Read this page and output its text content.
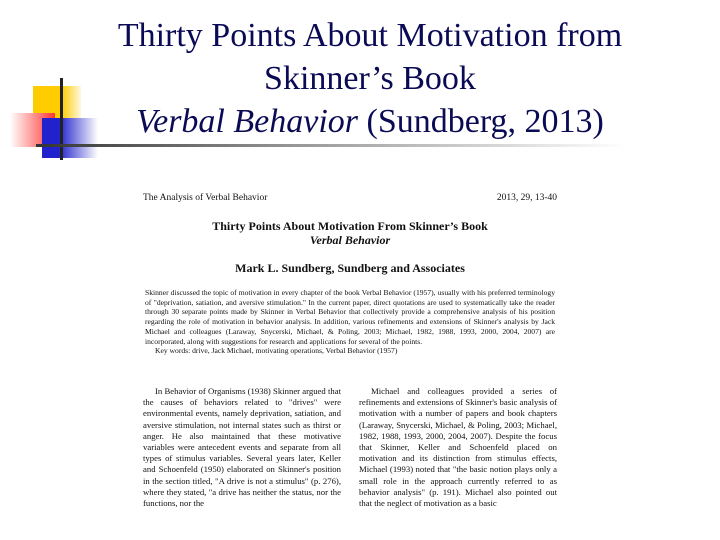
Thirty Points About Motivation from
Skinner’s Book
Verbal Behavior (Sundberg, 2013)
The Analysis of Verbal Behavior	2013, 29, 13-40
Thirty Points About Motivation From Skinner’s Book
Verbal Behavior
Mark L. Sundberg, Sundberg and Associates
Skinner discussed the topic of motivation in every chapter of the book Verbal Behavior (1957), usually with his preferred terminology of "deprivation, satiation, and aversive stimulation." In the current paper, direct quotations are used to systematically take the reader through 30 separate points made by Skinner in Verbal Behavior that collectively provide a comprehensive analysis of his position regarding the role of motivation in behavior analysis. In addition, various refinements and extensions of Skinner's analysis by Jack Michael and colleagues (Laraway, Snycerski, Michael, & Poling, 2003; Michael, 1982, 1988, 1993, 2000, 2004, 2007) are incorporated, along with suggestions for research and applications for several of the points.
Key words: drive, Jack Michael, motivating operations, Verbal Behavior (1957)
In Behavior of Organisms (1938) Skinner argued that the causes of behaviors related to "drives" were environmental events, namely deprivation, satiation, and aversive stimulation, not internal states such as thirst or anger. He also maintained that these motivative variables were antecedent events and separate from all types of stimulus variables. Several years later, Keller and Schoenfeld (1950) elaborated on Skinner's position in the section titled, "A drive is not a stimulus" (p. 276), where they stated, "a drive has neither the status, nor the functions, nor the
Michael and colleagues provided a series of refinements and extensions of Skinner's basic analysis of motivation with a number of papers and book chapters (Laraway, Snycerski, Michael, & Poling, 2003; Michael, 1982, 1988, 1993, 2000, 2004, 2007). Despite the focus that Skinner, Keller and Schoenfeld placed on motivation and its distinction from stimulus effects, Michael (1993) noted that "the basic notion plays only a small role in the approach currently referred to as behavior analysis" (p. 191). Michael also pointed out that the neglect of motivation as a basic
